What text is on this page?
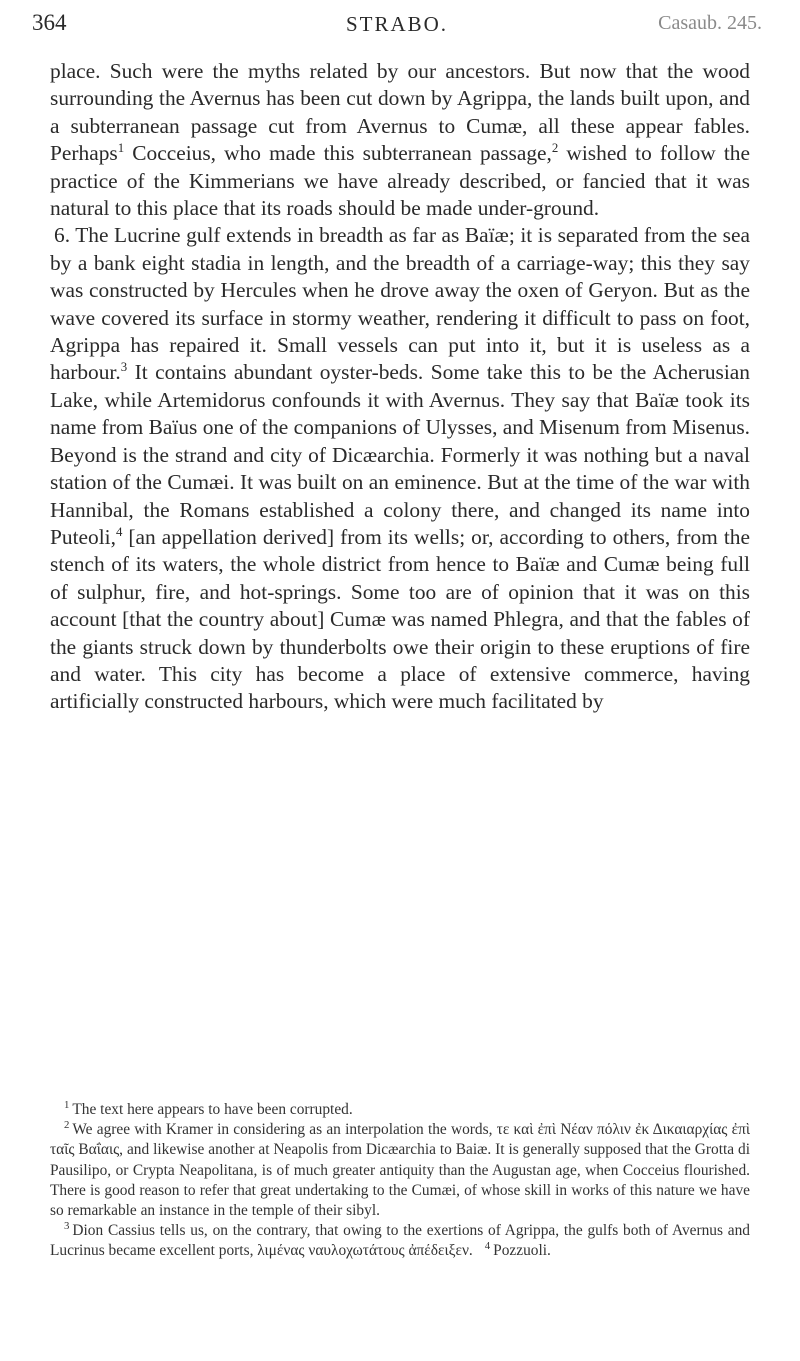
364	STRABO.	Casaub. 245.

place. Such were the myths related by our ancestors. But now that the wood surrounding the Avernus has been cut down by Agrippa, the lands built upon, and a subterranean passage cut from Avernus to Cumæ, all these appear fables. Perhaps$^1$ Cocceius, who made this subterranean passage,$^2$ wished to follow the practice of the Kimmerians we have already described, or fancied that it was natural to this place that its roads should be made under-ground.

6. The Lucrine gulf extends in breadth as far as Baïæ; it is separated from the sea by a bank eight stadia in length, and the breadth of a carriage-way; this they say was constructed by Hercules when he drove away the oxen of Geryon. But as the wave covered its surface in stormy weather, rendering it difficult to pass on foot, Agrippa has repaired it. Small vessels can put into it, but it is useless as a harbour.$^3$ It contains abundant oyster-beds. Some take this to be the Acherusian Lake, while Artemidorus confounds it with Avernus. They say that Baïæ took its name from Baïus one of the companions of Ulysses, and Misenum from Misenus. Beyond is the strand and city of Dicæarchia. Formerly it was nothing but a naval station of the Cumæi. It was built on an eminence. But at the time of the war with Hannibal, the Romans established a colony there, and changed its name into Puteoli,$^4$ [an appellation derived] from its wells; or, according to others, from the stench of its waters, the whole district from hence to Baïæ and Cumæ being full of sulphur, fire, and hot-springs. Some too are of opinion that it was on this account [that the country about] Cumæ was named Phlegra, and that the fables of the giants struck down by thunderbolts owe their origin to these eruptions of fire and water. This city has become a place of extensive commerce, having artificially constructed harbours, which were much facilitated by

$^1$ The text here appears to have been corrupted.

$^2$ We agree with Kramer in considering as an interpolation the words, τε καὶ ἐπὶ Νέαν πόλιν ἐκ Δικαιαρχίας ἐπὶ ταῖς Βαΐαις, and likewise another at Neapolis from Dicæarchia to Baiæ. It is generally supposed that the Grotta di Pausilipo, or Crypta Neapolitana, is of much greater antiquity than the Augustan age, when Cocceius flourished. There is good reason to refer that great undertaking to the Cumæi, of whose skill in works of this nature we have so remarkable an instance in the temple of their sibyl.

$^3$ Dion Cassius tells us, on the contrary, that owing to the exertions of Agrippa, the gulfs both of Avernus and Lucrinus became excellent ports, λιμένας ναυλοχωτάτους ἀπέδειξεν. $^4$ Pozzuoli.
